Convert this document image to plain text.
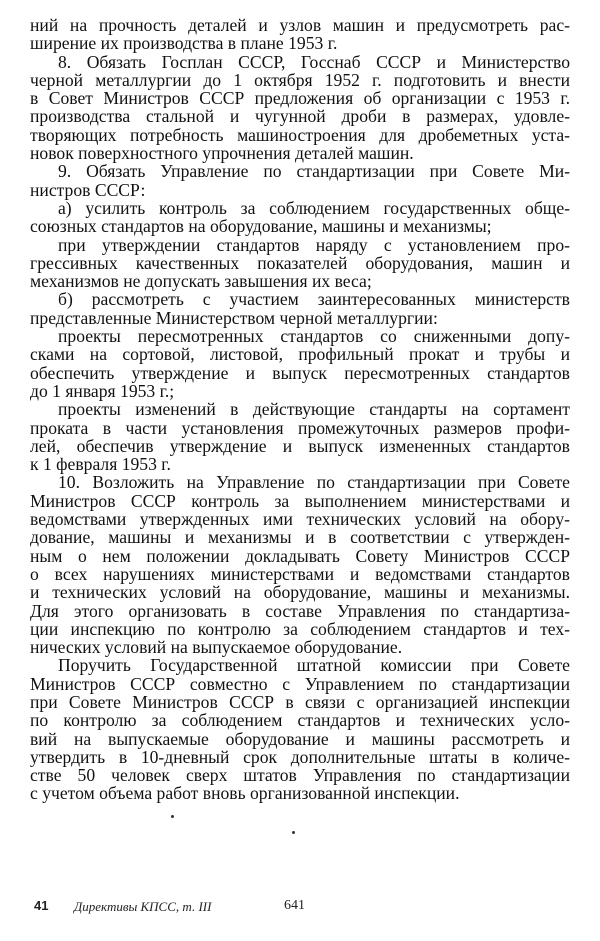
ний на прочность деталей и узлов машин и предусмотреть рас-
ширение их производства в плане 1953 г.
8. Обязать Госплан СССР, Госснаб СССР и Министерство
черной металлургии до 1 октября 1952 г. подготовить и внести
в Совет Министров СССР предложения об организации с 1953 г.
производства стальной и чугунной дроби в размерах, удовле-
творяющих потребность машиностроения для дробеметных уста-
новок поверхностного упрочнения деталей машин.
9. Обязать Управление по стандартизации при Совете Ми-
нистров СССР:
а) усилить контроль за соблюдением государственных обще-
союзных стандартов на оборудование, машины и механизмы;
при утверждении стандартов наряду с установлением про-
грессивных качественных показателей оборудования, машин и
механизмов не допускать завышения их веса;
б) рассмотреть с участием заинтересованных министерств
представленные Министерством черной металлургии:
проекты пересмотренных стандартов со сниженными допу-
сками на сортовой, листовой, профильный прокат и трубы и
обеспечить утверждение и выпуск пересмотренных стандартов
до 1 января 1953 г.;
проекты изменений в действующие стандарты на сортамент
проката в части установления промежуточных размеров профи-
лей, обеспечив утверждение и выпуск измененных стандартов
к 1 февраля 1953 г.
10. Возложить на Управление по стандартизации при Совете
Министров СССР контроль за выполнением министерствами и
ведомствами утвержденных ими технических условий на обору-
дование, машины и механизмы и в соответствии с утвержден-
ным о нем положении докладывать Совету Министров СССР
о всех нарушениях министерствами и ведомствами стандартов
и технических условий на оборудование, машины и механизмы.
Для этого организовать в составе Управления по стандартиза-
ции инспекцию по контролю за соблюдением стандартов и тех-
нических условий на выпускаемое оборудование.
Поручить Государственной штатной комиссии при Совете
Министров СССР совместно с Управлением по стандартизации
при Совете Министров СССР в связи с организацией инспекции
по контролю за соблюдением стандартов и технических усло-
вий на выпускаемые оборудование и машины рассмотреть и
утвердить в 10-дневный срок дополнительные штаты в количе-
стве 50 человек сверх штатов Управления по стандартизации
с учетом объема работ вновь организованной инспекции.
41 Директивы КПСС, т. III	641
